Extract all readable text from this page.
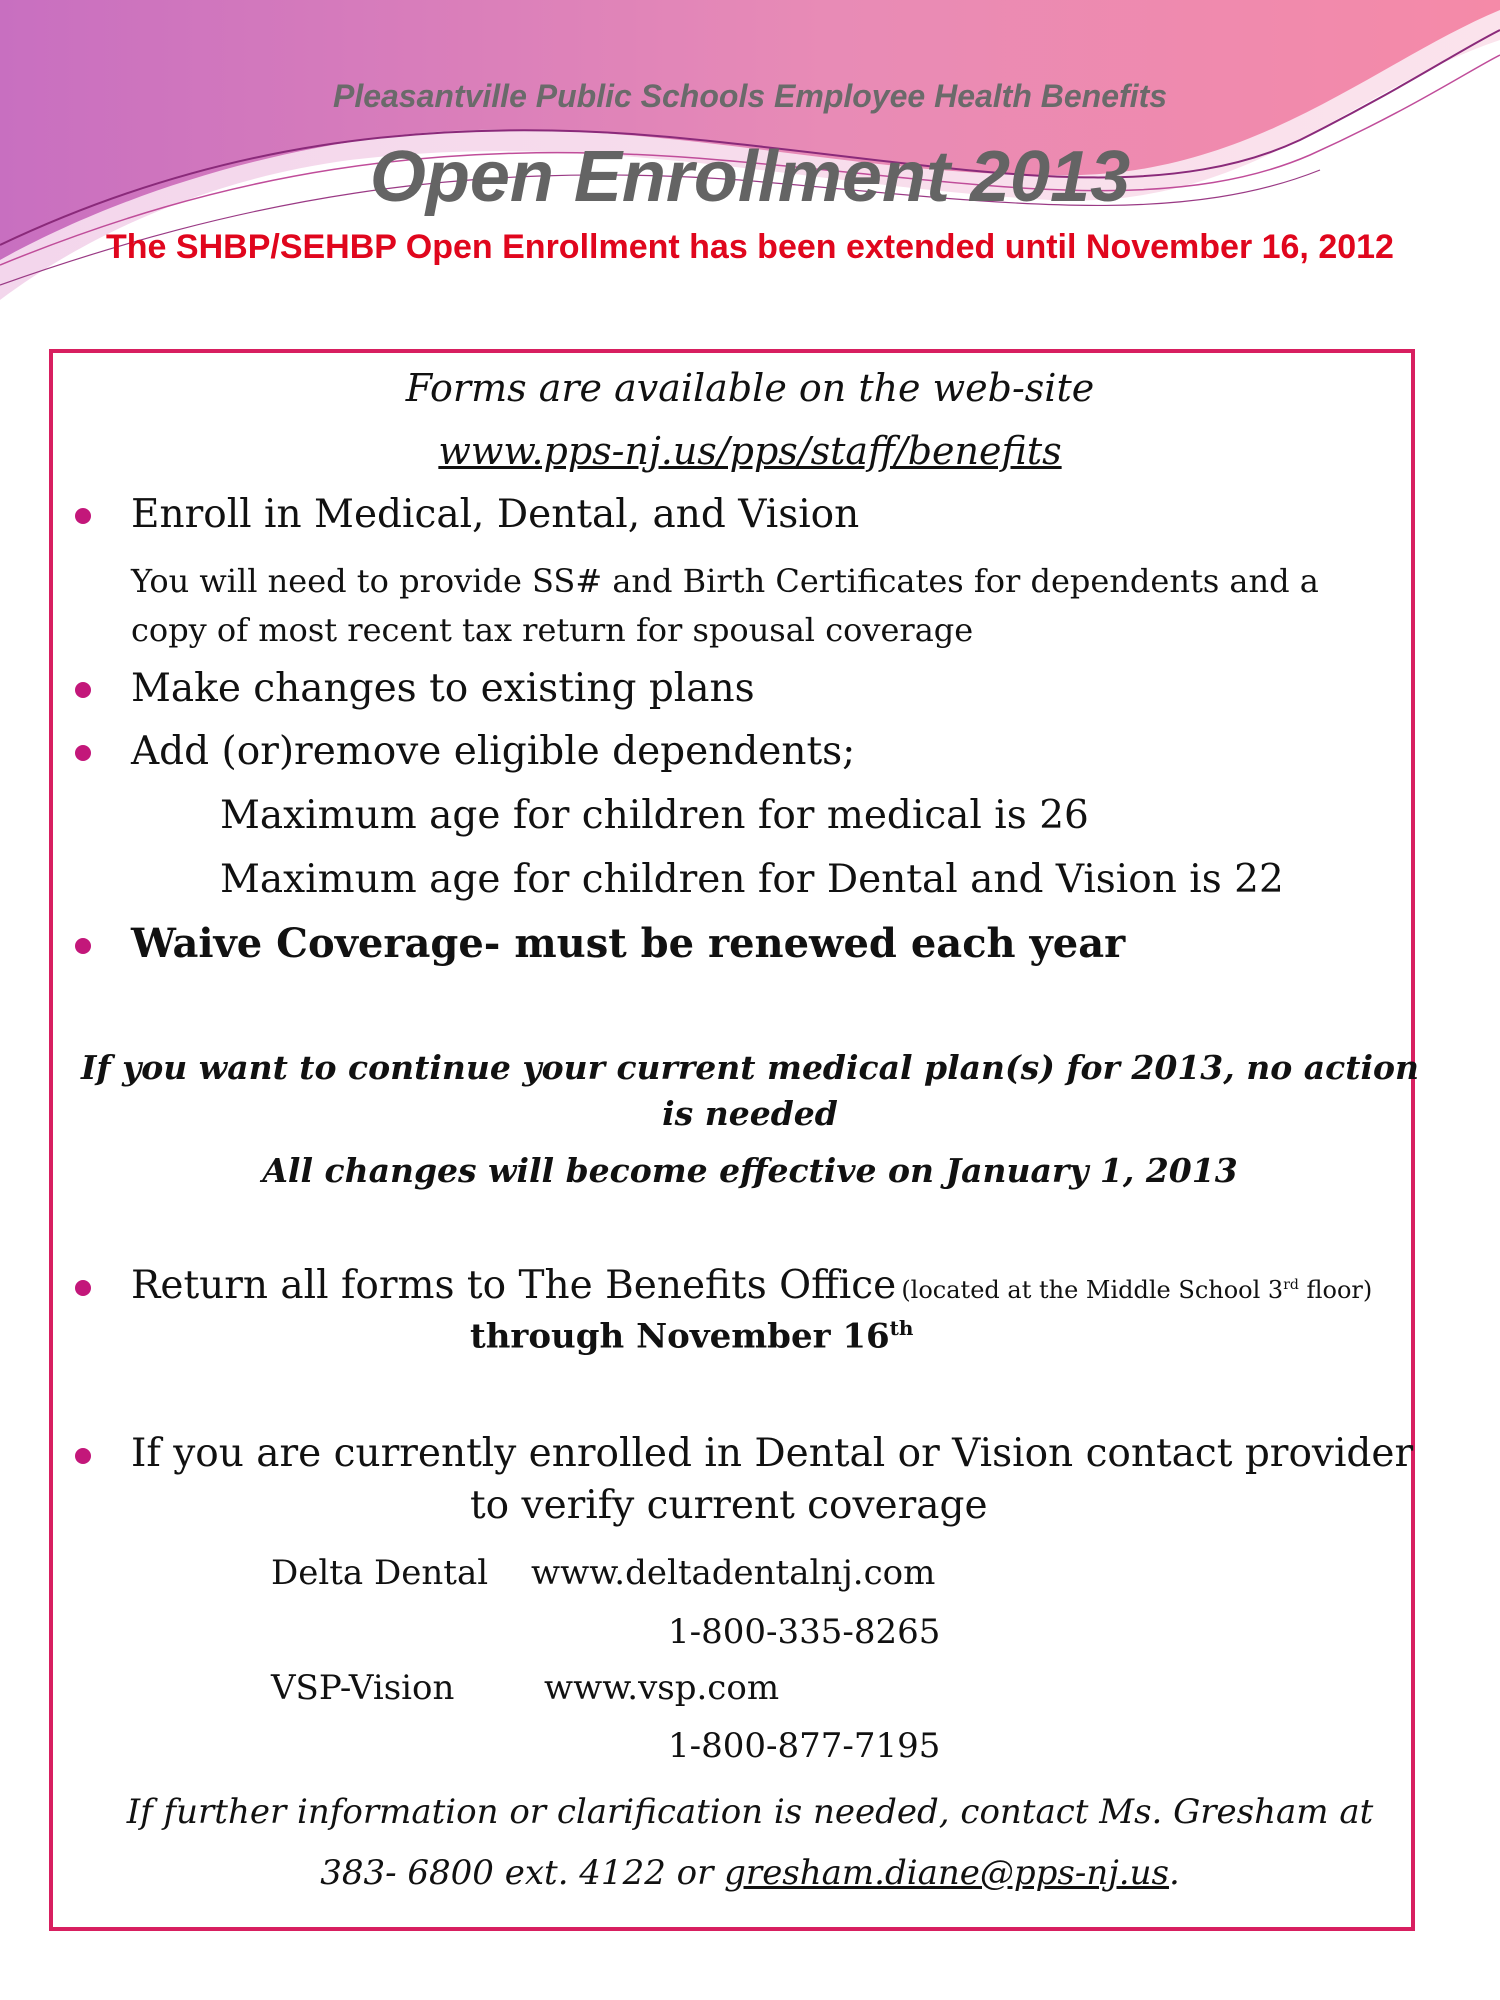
Pleasantville Public Schools Employee Health Benefits
Open Enrollment 2013
The SHBP/SEHBP Open Enrollment has been extended until November 16, 2012
Forms are available on the web-site
www.pps-nj.us/pps/staff/benefits
Enroll in Medical, Dental, and Vision
You will need to provide SS# and Birth Certificates for dependents and a
copy of most recent tax return for spousal coverage
Make changes to existing plans
Add (or)remove eligible dependents;
Maximum age for children for medical is 26
Maximum age for children for Dental and Vision is 22
Waive Coverage- must be renewed each year
If you want to continue your current medical plan(s) for 2013, no action
is needed
All changes will become effective on January 1, 2013
Return all forms to The Benefits Office (located at the Middle School 3rd floor)
through November 16th
If you are currently enrolled in Dental or Vision contact provider
to verify current coverage
Delta Dental www.deltadentalnj.com
1-800-335-8265
VSP-Vision	www.vsp.com
1-800-877-7195
If further information or clarification is needed, contact Ms. Gresham at
383- 6800 ext. 4122 or gresham.diane@pps-nj.us.
